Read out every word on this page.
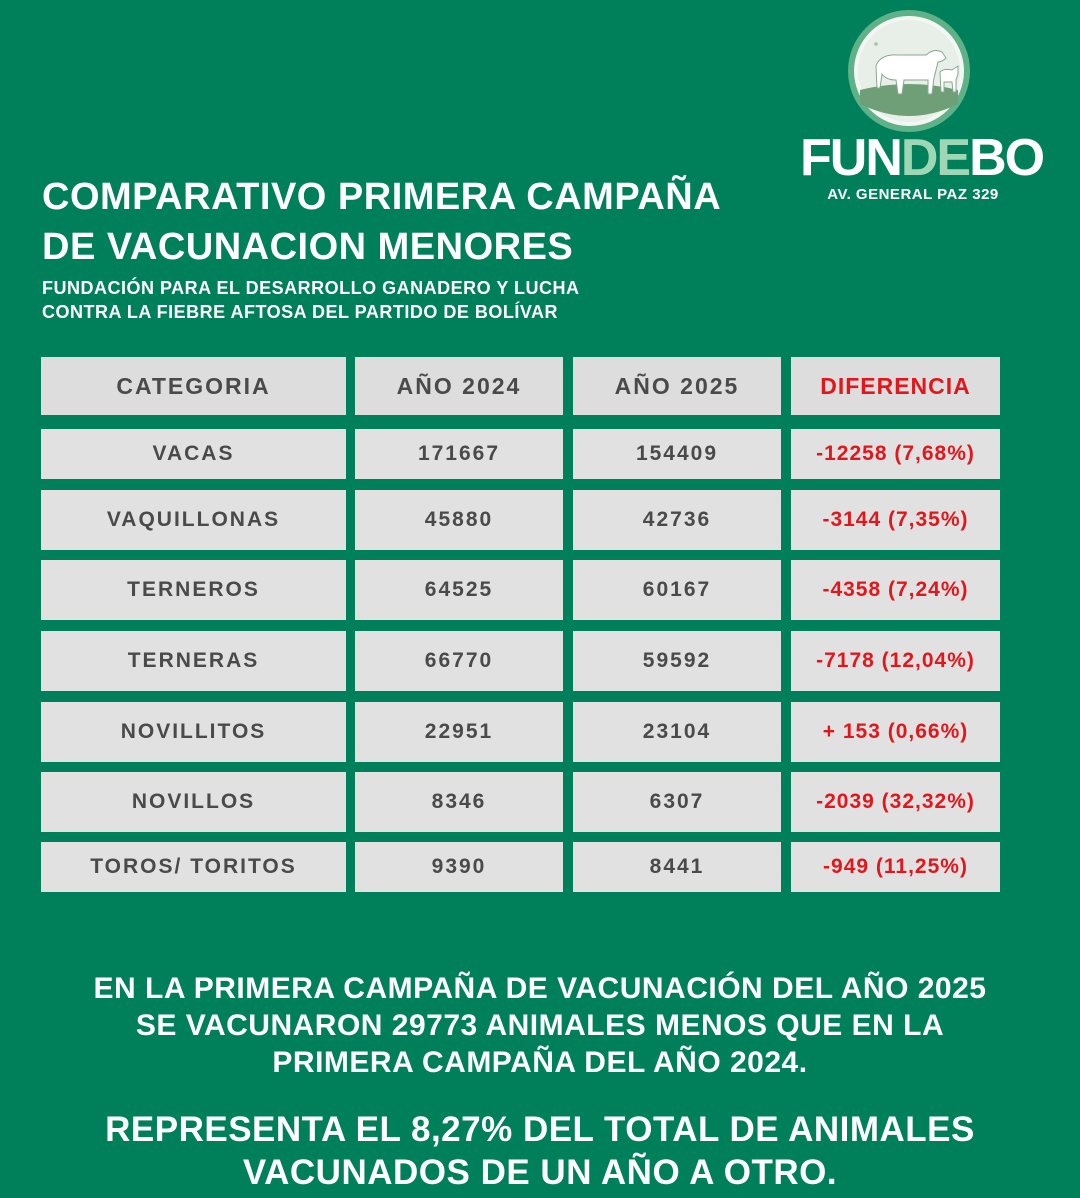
FUNDEBO
AV. GENERAL PAZ 329
COMPARATIVO PRIMERA CAMPAÑA
DE VACUNACION MENORES

FUNDACIÓN PARA EL DESARROLLO GANADERO Y LUCHA
CONTRA LA FIEBRE AFTOSA DEL PARTIDO DE BOLÍVAR

CATEGORIA	AÑO 2024	AÑO 2025	DIFERENCIA
VACAS	171667	154409	-12258 (7,68%)
VAQUILLONAS	45880	42736	-3144 (7,35%)
TERNEROS	64525	60167	-4358 (7,24%)
TERNERAS	66770	59592	-7178 (12,04%)
NOVILLITOS	22951	23104	+ 153 (0,66%)
NOVILLOS	8346	6307	-2039 (32,32%)
TOROS/ TORITOS	9390	8441	-949 (11,25%)

EN LA PRIMERA CAMPAÑA DE VACUNACIÓN DEL AÑO 2025
SE VACUNARON 29773 ANIMALES MENOS QUE EN LA
PRIMERA CAMPAÑA DEL AÑO 2024.

REPRESENTA EL 8,27% DEL TOTAL DE ANIMALES
VACUNADOS DE UN AÑO A OTRO.
